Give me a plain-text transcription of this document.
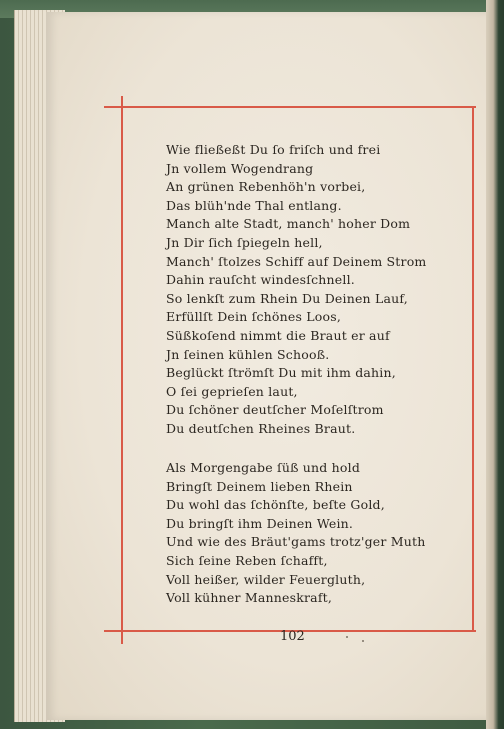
Wie fließeßt Du ſo friſch und frei
Jn vollem Wogendrang
An grünen Rebenhöh'n vorbei,
Das blüh'nde Thal entlang.
Manch alte Stadt, manch' hoher Dom
Jn Dir ſich ſpiegeln hell,
Manch' ſtolzes Schiff auf Deinem Strom
Dahin rauſcht windesſchnell.
So lenkſt zum Rhein Du Deinen Lauf,
Erfüllſt Dein ſchönes Loos,
Süßkoſend nimmt die Braut er auf
Jn ſeinen kühlen Schooß.
Beglückt ſtrömſt Du mit ihm dahin,
O ſei geprieſen laut,
Du ſchöner deutſcher Moſelſtrom
Du deutſchen Rheines Braut.
Als Morgengabe ſüß und hold
Bringſt Deinem lieben Rhein
Du wohl das ſchönſte, beſte Gold,
Du bringſt ihm Deinen Wein.
Und wie des Bräut'gams trotz'ger Muth
Sich ſeine Reben ſchafft,
Voll heißer, wilder Feuergluth,
Voll kühner Manneskraft,
102
